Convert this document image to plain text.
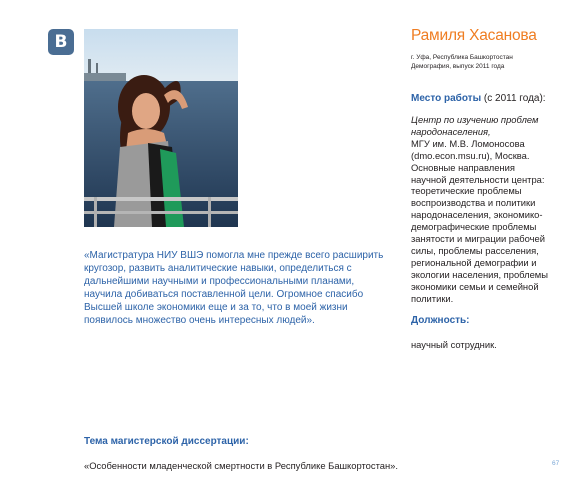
В
«Магистратура НИУ ВШЭ помогла мне прежде всего расширить кругозор, развить аналитические навыки, определиться с дальнейшими научными и профессиональными планами, научила добиваться поставленной цели. Огромное спасибо Высшей школе экономики еще и за то, что в моей жизни появилось множество очень интересных людей».
Рамиля Хасанова
г. Уфа, Республика Башкортостан
Демография, выпуск 2011 года
Место работы (с 2011 года):
Центр по изучению проблем
народонаселения,
МГУ им. М.В. Ломоносова
(dmo.econ.msu.ru), Москва.
Основные направления научной деятельности центра: теоретические проблемы воспроизводства и политики народонаселения, экономико-демографические проблемы занятости и миграции рабочей силы, проблемы расселения, региональной демографии и экологии населения, проблемы экономики семьи и семейной политики.
Должность:
научный сотрудник.
Тема магистерской диссертации:
«Особенности младенческой смертности в Республике Башкортостан».	67
